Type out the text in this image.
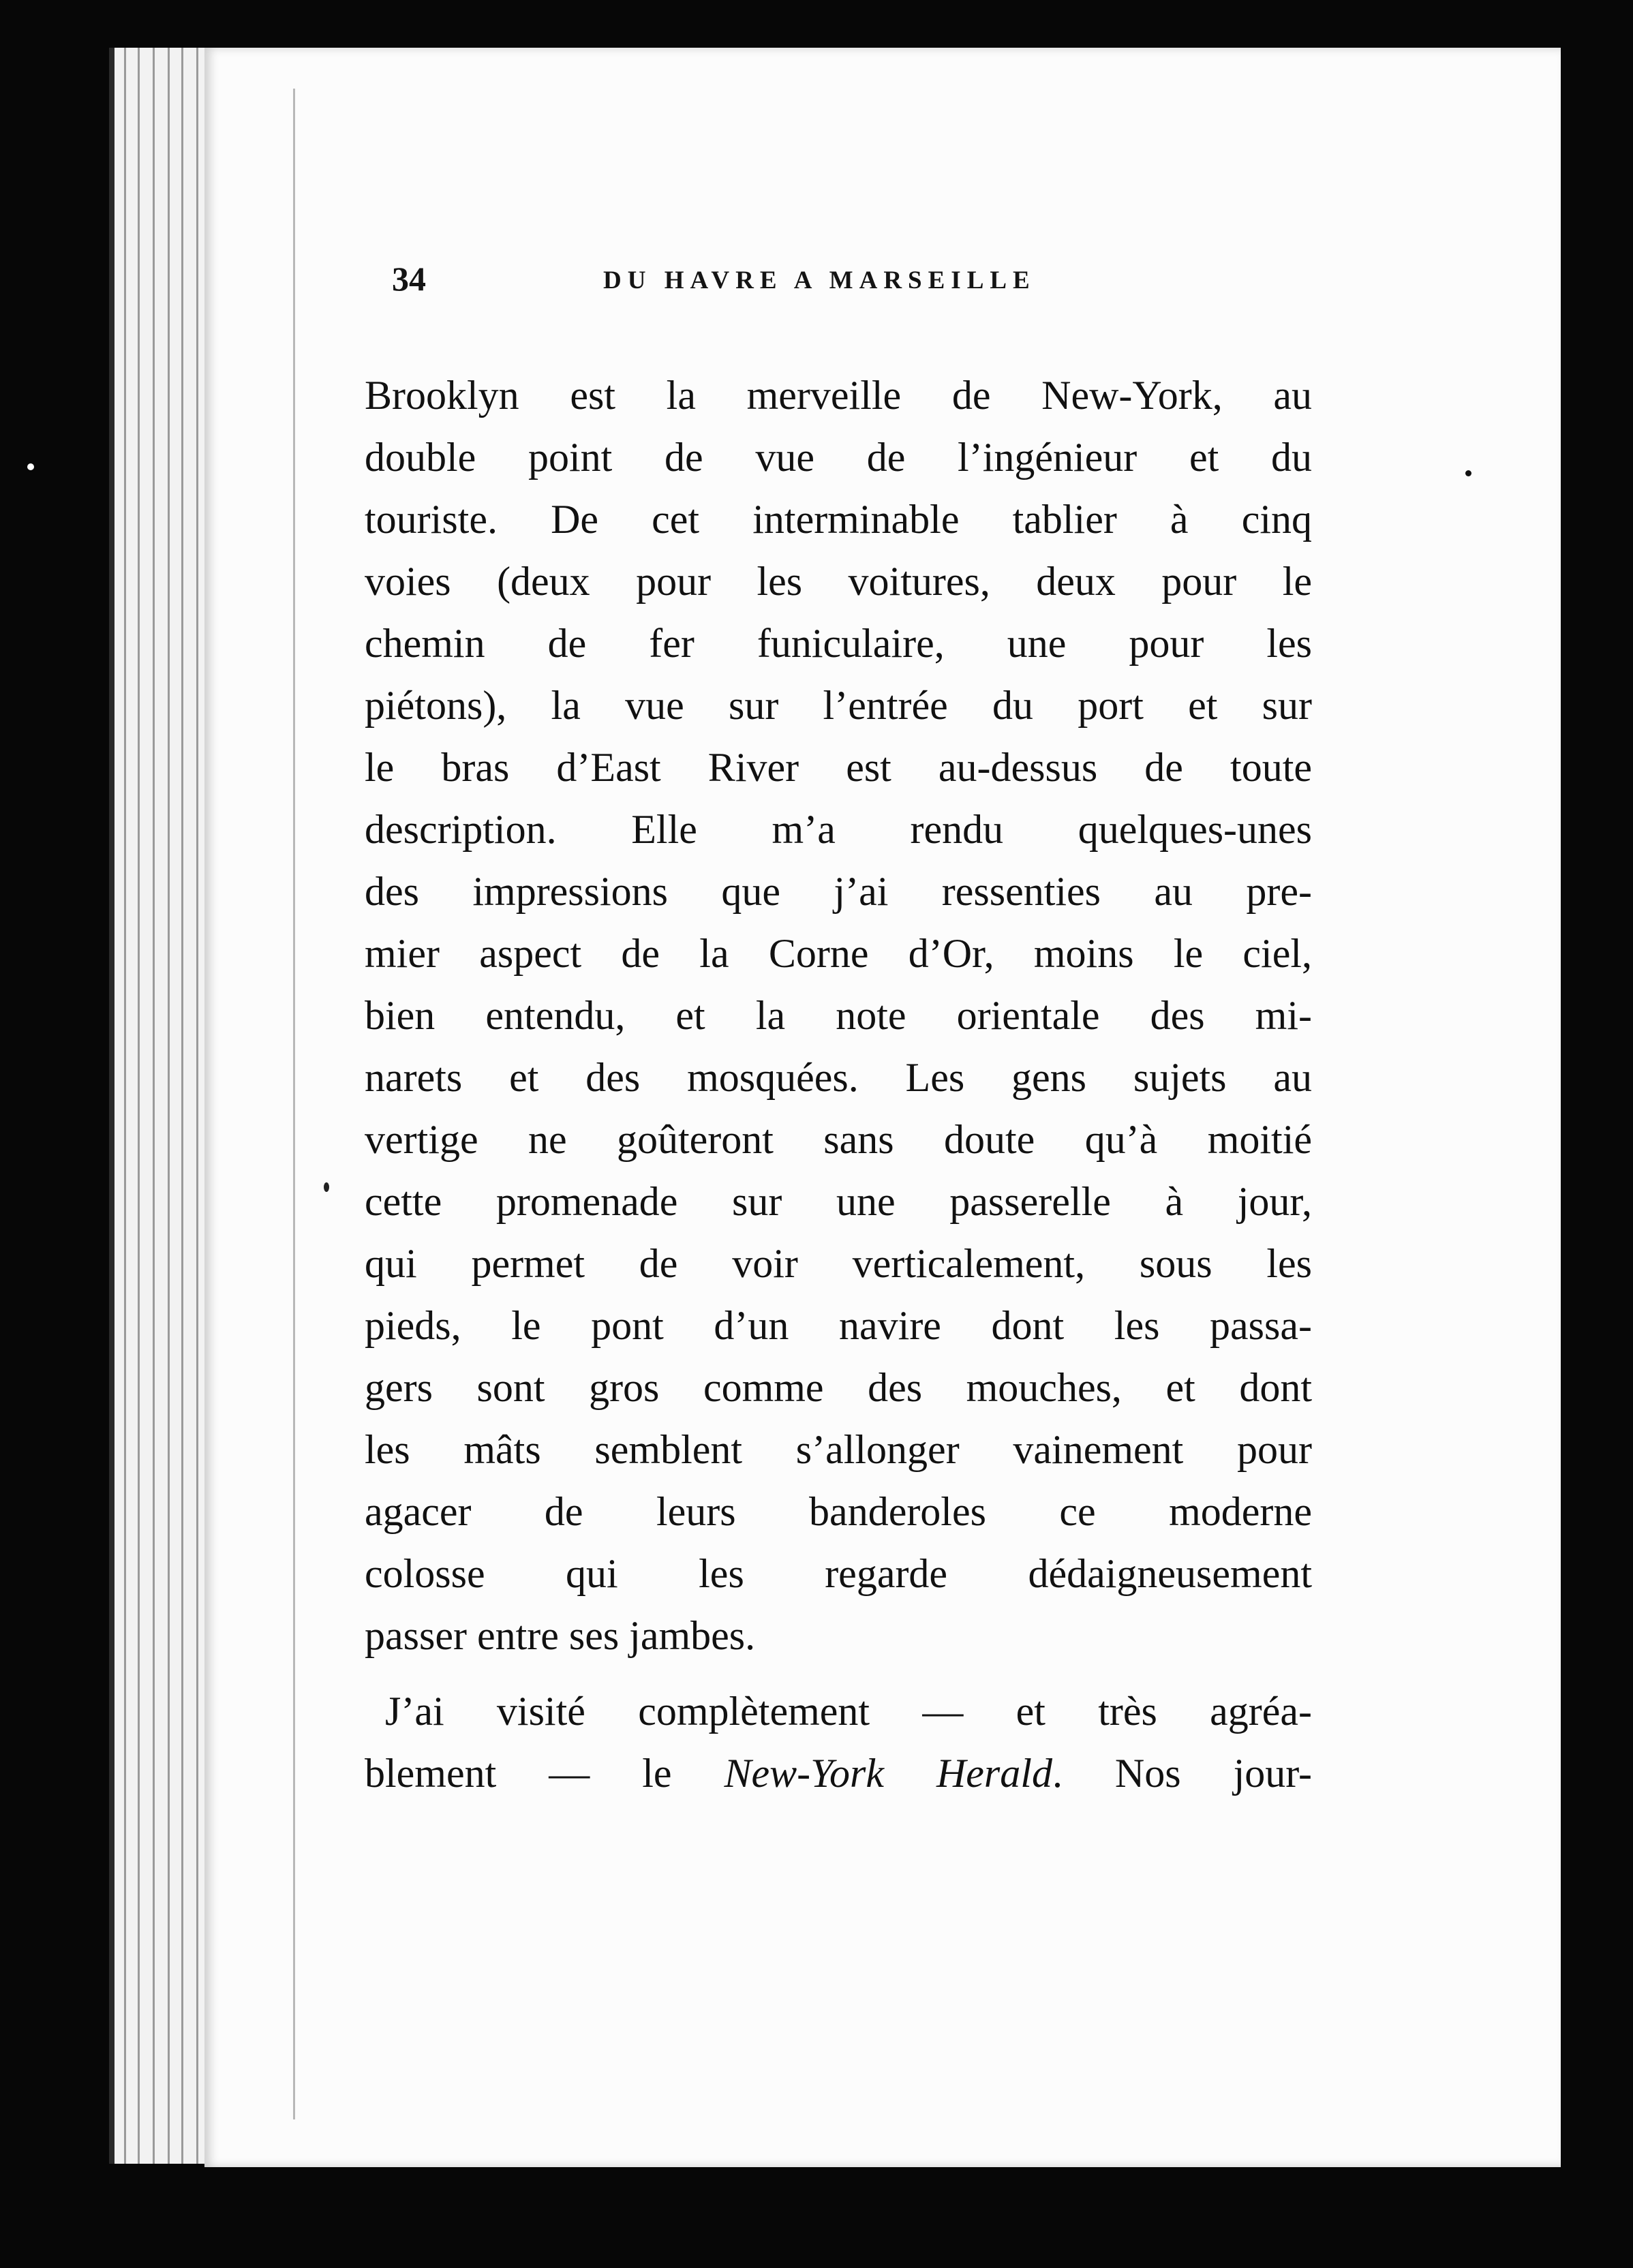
34	DU HAVRE A MARSEILLE
Brooklyn est la merveille de New-York, au
double point de vue de l’ingénieur et du
touriste. De cet interminable tablier à cinq
voies (deux pour les voitures, deux pour le
chemin de fer funiculaire, une pour les
piétons), la vue sur l’entrée du port et sur
le bras d’East River est au-dessus de toute
description. Elle m’a rendu quelques-unes
des impressions que j’ai ressenties au pre-
mier aspect de la Corne d’Or, moins le ciel,
bien entendu, et la note orientale des mi-
narets et des mosquées. Les gens sujets au
vertige ne goûteront sans doute qu’à moitié
cette promenade sur une passerelle à jour,
qui permet de voir verticalement, sous les
pieds, le pont d’un navire dont les passa-
gers sont gros comme des mouches, et dont
les mâts semblent s’allonger vainement pour
agacer de leurs banderoles ce moderne
colosse qui les regarde dédaigneusement
passer entre ses jambes.
J’ai visité complètement — et très agréa-
blement — le New-York Herald. Nos jour-
